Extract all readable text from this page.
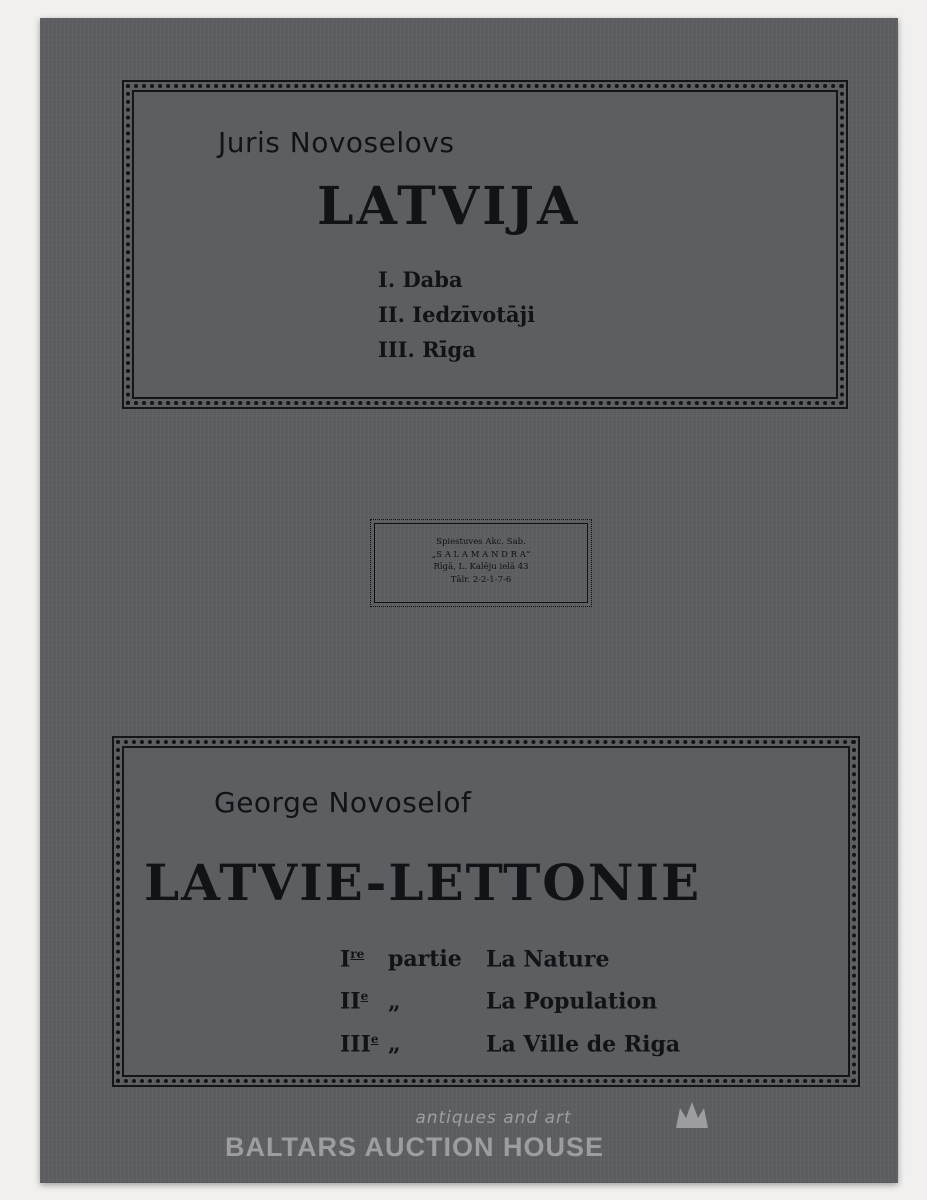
Juris Novoselovs
LATVIJA
I. Daba
II. Iedzīvotāji
III. Rīga
Spiestuves Akc. Sab.
„S A L A M A N D R A“
Rīgā, L. Kalēju ielā 43
Tālr. 2-2-1-7-6
George Novoselof
LATVIE-LETTONIE
Ire partie La Nature
IIe „	La Population
IIIe „	La Ville de Riga
antiques and art
BALTARS AUCTION HOUSE
